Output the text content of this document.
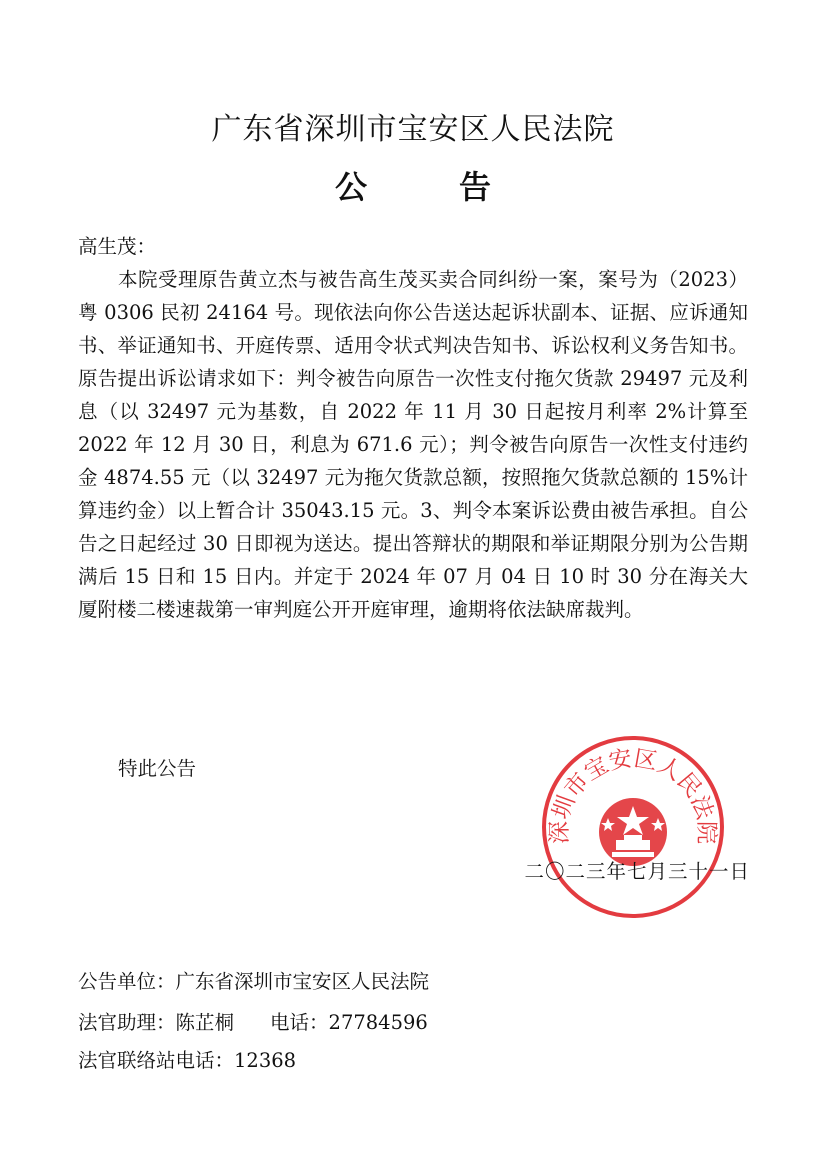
广东省深圳市宝安区人民法院
公　告
高生茂：
本院受理原告黄立杰与被告高生茂买卖合同纠纷一案，案号为（2023）粤 0306 民初 24164 号。现依法向你公告送达起诉状副本、证据、应诉通知书、举证通知书、开庭传票、适用令状式判决告知书、诉讼权利义务告知书。原告提出诉讼请求如下：判令被告向原告一次性支付拖欠货款 29497 元及利息（以 32497 元为基数，自 2022 年 11 月 30 日起按月利率 2%计算至 2022 年 12 月 30 日，利息为 671.6 元）；判令被告向原告一次性支付违约金 4874.55 元（以 32497 元为拖欠货款总额，按照拖欠货款总额的 15%计算违约金）以上暂合计 35043.15 元。3、判令本案诉讼费由被告承担。自公告之日起经过 30 日即视为送达。提出答辩状的期限和举证期限分别为公告期满后 15 日和 15 日内。并定于 2024 年 07 月 04 日 10 时 30 分在海关大厦附楼二楼速裁第一审判庭公开开庭审理，逾期将依法缺席裁判。
特此公告
深圳市宝安区人民法院
二〇二三年七月三十一日
公告单位：广东省深圳市宝安区人民法院
法官助理：陈芷桐 电话：27784596
法官联络站电话：12368
